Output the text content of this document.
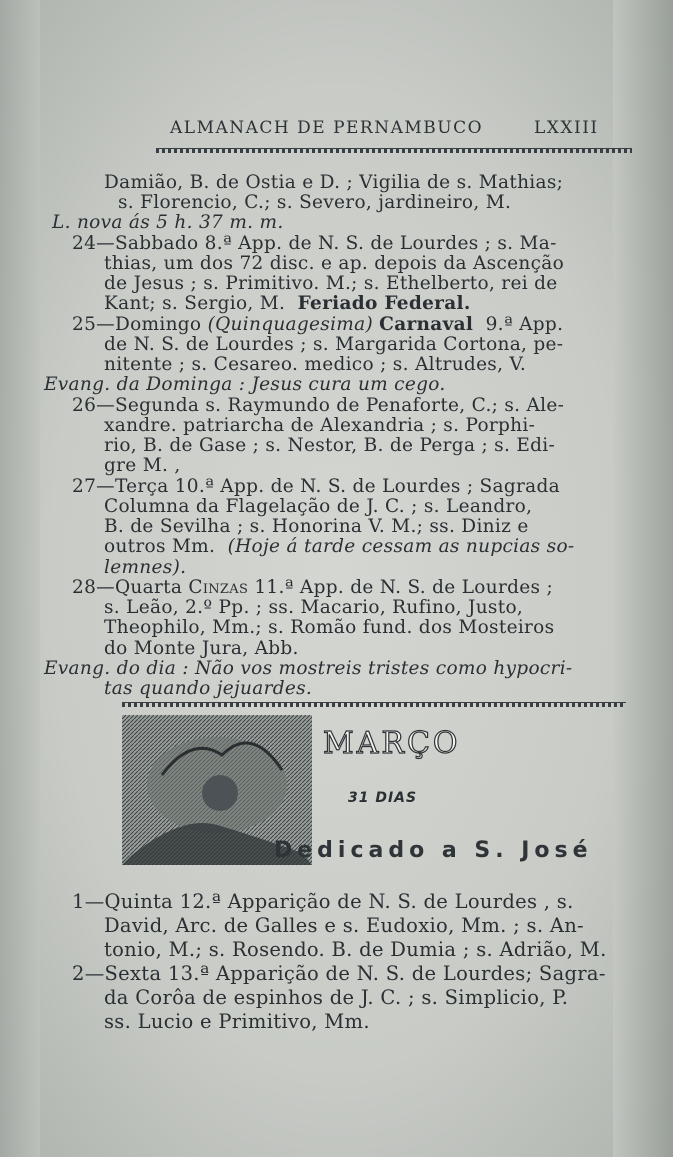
ALMANACH DE PERNAMBUCO	LXXIII
Damião, B. de Ostia e D. ; Vigilia de s. Mathias;
s. Florencio, C.; s. Severo, jardineiro, M.
L. nova ás 5 h. 37 m. m.
24—Sabbado 8.ª App. de N. S. de Lourdes ; s. Ma-
thias, um dos 72 disc. e ap. depois da Ascenção
de Jesus ; s. Primitivo. M.; s. Ethelberto, rei de
Kant; s. Sergio, M. Feriado Federal.
25—Domingo (Quinquagesima) Carnaval 9.ª App.
de N. S. de Lourdes ; s. Margarida Cortona, pe-
nitente ; s. Cesareo. medico ; s. Altrudes, V.
Evang. da Dominga : Jesus cura um cego.
26—Segunda s. Raymundo de Penaforte, C.; s. Ale-
xandre. patriarcha de Alexandria ; s. Porphi-
rio, B. de Gase ; s. Nestor, B. de Perga ; s. Edi-
gre M. ,
27—Terça 10.ª App. de N. S. de Lourdes ; Sagrada
Columna da Flagelação de J. C. ; s. Leandro,
B. de Sevilha ; s. Honorina V. M.; ss. Diniz e
outros Mm. (Hoje á tarde cessam as nupcias so-
lemnes).
28—Quarta Cinzas 11.ª App. de N. S. de Lourdes ;
s. Leão, 2.º Pp. ; ss. Macario, Rufino, Justo,
Theophilo, Mm.; s. Romão fund. dos Mosteiros
do Monte Jura, Abb.
Evang. do dia : Não vos mostreis tristes como hypocri-
tas quando jejuardes.
MARÇO
31 DIAS
Dedicado a S. José
1—Quinta 12.ª Apparição de N. S. de Lourdes , s.
David, Arc. de Galles e s. Eudoxio, Mm. ; s. An-
tonio, M.; s. Rosendo. B. de Dumia ; s. Adrião, M.
2—Sexta 13.ª Apparição de N. S. de Lourdes; Sagra-
da Corôa de espinhos de J. C. ; s. Simplicio, P.
ss. Lucio e Primitivo, Mm.
